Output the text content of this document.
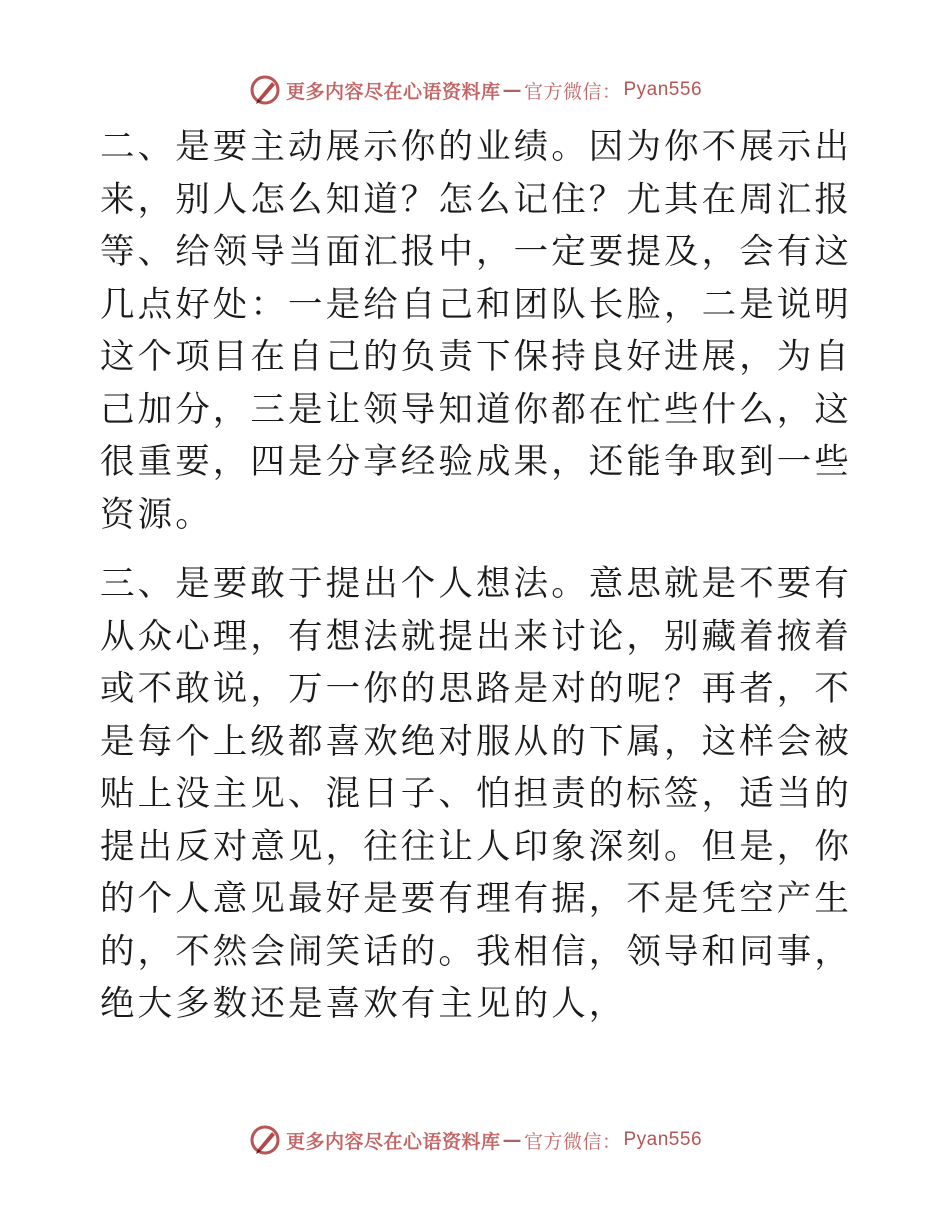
更多内容尽在心语资料库 — 官方微信： Pyan556

二、是要主动展示你的业绩。因为你不展示出来，别人怎么知道？怎么记住？尤其在周汇报等、给领导当面汇报中，一定要提及，会有这几点好处：一是给自己和团队长脸，二是说明这个项目在自己的负责下保持良好进展，为自己加分，三是让领导知道你都在忙些什么，这很重要，四是分享经验成果，还能争取到一些资源。

三、是要敢于提出个人想法。意思就是不要有从众心理，有想法就提出来讨论，别藏着掖着或不敢说，万一你的思路是对的呢？再者，不是每个上级都喜欢绝对服从的下属，这样会被贴上没主见、混日子、怕担责的标签，适当的提出反对意见，往往让人印象深刻。但是，你的个人意见最好是要有理有据，不是凭空产生的，不然会闹笑话的。我相信，领导和同事，绝大多数还是喜欢有主见的人，

更多内容尽在心语资料库 — 官方微信： Pyan556
